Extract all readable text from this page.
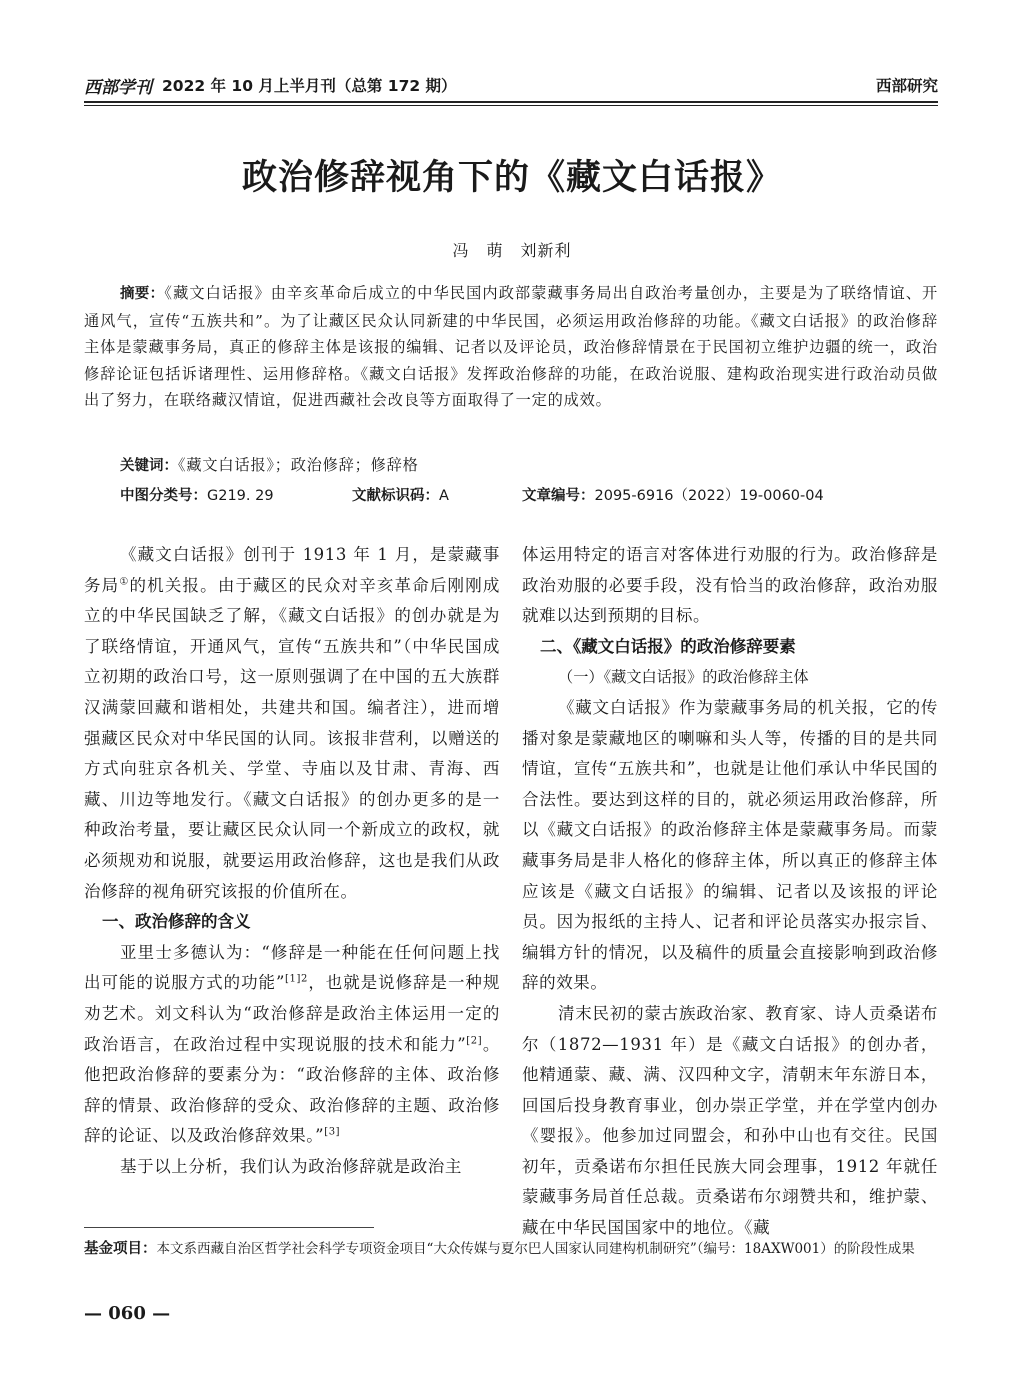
西部学刊 2022 年 10 月上半月刊（总第 172 期）	西部研究
政治修辞视角下的《藏文白话报》
冯　萌　刘新利
摘要：《藏文白话报》由辛亥革命后成立的中华民国内政部蒙藏事务局出自政治考量创办，主要是为了联络情谊、开通风气，宣传“五族共和”。为了让藏区民众认同新建的中华民国，必须运用政治修辞的功能。《藏文白话报》的政治修辞主体是蒙藏事务局，真正的修辞主体是该报的编辑、记者以及评论员，政治修辞情景在于民国初立维护边疆的统一，政治修辞论证包括诉诸理性、运用修辞格。《藏文白话报》发挥政治修辞的功能，在政治说服、建构政治现实进行政治动员做出了努力，在联络藏汉情谊，促进西藏社会改良等方面取得了一定的成效。
关键词：《藏文白话报》；政治修辞；修辞格
中图分类号：G219. 29	文献标识码：A	文章编号：2095-6916（2022）19-0060-04

《藏文白话报》创刊于 1913 年 1 月，是蒙藏事务局①的机关报。由于藏区的民众对辛亥革命后刚刚成立的中华民国缺乏了解，《藏文白话报》的创办就是为了联络情谊，开通风气，宣传“五族共和”（中华民国成立初期的政治口号，这一原则强调了在中国的五大族群汉满蒙回藏和谐相处，共建共和国。编者注），进而增强藏区民众对中华民国的认同。该报非营利，以赠送的方式向驻京各机关、学堂、寺庙以及甘肃、青海、西藏、川边等地发行。《藏文白话报》的创办更多的是一种政治考量，要让藏区民众认同一个新成立的政权，就必须规劝和说服，就要运用政治修辞，这也是我们从政治修辞的视角研究该报的价值所在。

一、政治修辞的含义

亚里士多德认为：“修辞是一种能在任何问题上找出可能的说服方式的功能”$^{[1]2}$，也就是说修辞是一种规劝艺术。刘文科认为“政治修辞是政治主体运用一定的政治语言，在政治过程中实现说服的技术和能力”[2]。他把政治修辞的要素分为：“政治修辞的主体、政治修辞的情景、政治修辞的受众、政治修辞的主题、政治修辞的论证、以及政治修辞效果。”[3]

基于以上分析，我们认为政治修辞就是政治主

体运用特定的语言对客体进行劝服的行为。政治修辞是政治劝服的必要手段，没有恰当的政治修辞，政治劝服就难以达到预期的目标。

二、《藏文白话报》的政治修辞要素
（一）《藏文白话报》的政治修辞主体

《藏文白话报》作为蒙藏事务局的机关报，它的传播对象是蒙藏地区的喇嘛和头人等，传播的目的是共同情谊，宣传“五族共和”，也就是让他们承认中华民国的合法性。要达到这样的目的，就必须运用政治修辞，所以《藏文白话报》的政治修辞主体是蒙藏事务局。而蒙藏事务局是非人格化的修辞主体，所以真正的修辞主体应该是《藏文白话报》的编辑、记者以及该报的评论员。因为报纸的主持人、记者和评论员落实办报宗旨、编辑方针的情况，以及稿件的质量会直接影响到政治修辞的效果。

清末民初的蒙古族政治家、教育家、诗人贡桑诺布尔（1872—1931 年）是《藏文白话报》的创办者，他精通蒙、藏、满、汉四种文字，清朝末年东游日本，回国后投身教育事业，创办崇正学堂，并在学堂内创办《婴报》。他参加过同盟会，和孙中山也有交往。民国初年，贡桑诺布尔担任民族大同会理事，1912 年就任蒙藏事务局首任总裁。贡桑诺布尔翊赞共和，维护蒙、藏在中华民国国家中的地位。《藏

基金项目：本文系西藏自治区哲学社会科学专项资金项目“大众传媒与夏尔巴人国家认同建构机制研究”（编号：18AXW001）的阶段性成果
— 060 —
